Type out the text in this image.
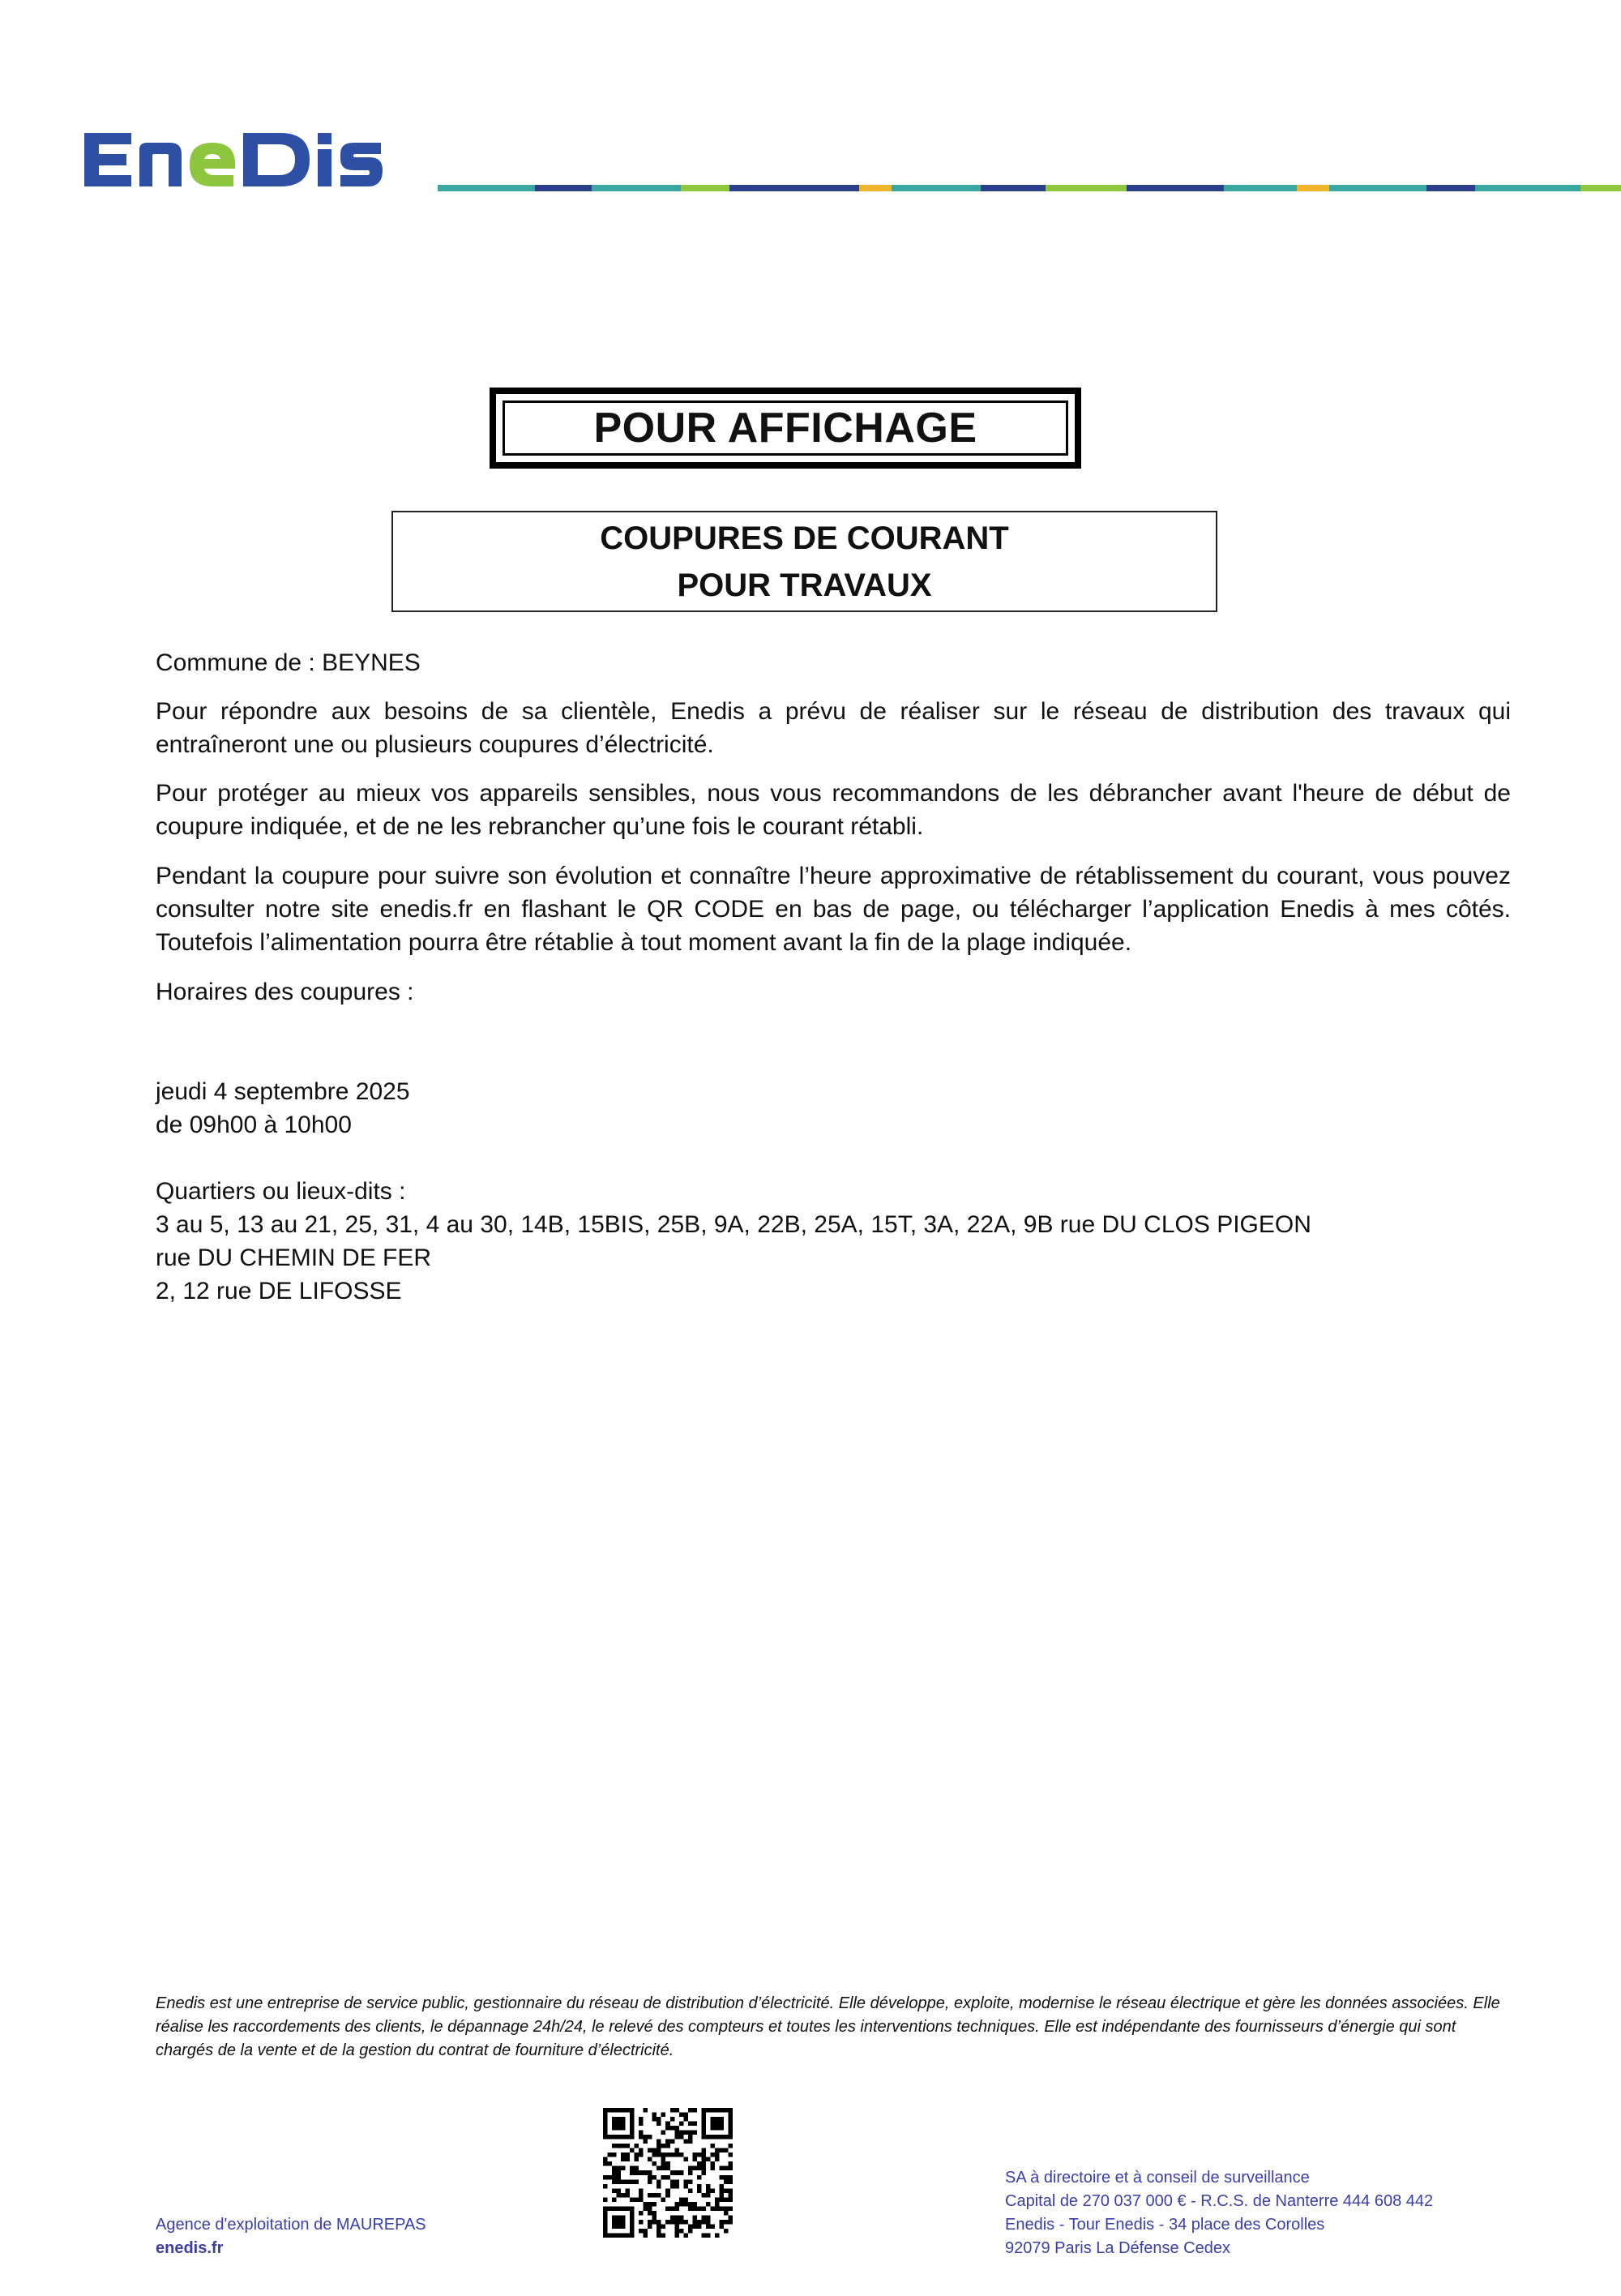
POUR AFFICHAGE
COUPURES DE COURANT
POUR TRAVAUX

Commune de : BEYNES

Pour répondre aux besoins de sa clientèle, Enedis a prévu de réaliser sur le réseau de distribution des travaux qui entraîneront une ou plusieurs coupures d’électricité.

Pour protéger au mieux vos appareils sensibles, nous vous recommandons de les débrancher avant l'heure de début de coupure indiquée, et de ne les rebrancher qu’une fois le courant rétabli.

Pendant la coupure pour suivre son évolution et connaître l’heure approximative de rétablissement du courant, vous pouvez consulter notre site enedis.fr en flashant le QR CODE en bas de page, ou télécharger l’application Enedis à mes côtés. Toutefois l’alimentation pourra être rétablie à tout moment avant la fin de la plage indiquée.

Horaires des coupures :

jeudi 4 septembre 2025

de 09h00 à 10h00

Quartiers ou lieux-dits :

3 au 5, 13 au 21, 25, 31, 4 au 30, 14B, 15BIS, 25B, 9A, 22B, 25A, 15T, 3A, 22A, 9B rue DU CLOS PIGEON

rue DU CHEMIN DE FER

2, 12 rue DE LIFOSSE

Enedis est une entreprise de service public, gestionnaire du réseau de distribution d’électricité. Elle développe, exploite, modernise le réseau électrique et gère les données associées. Elle réalise les raccordements des clients, le dépannage 24h/24, le relevé des compteurs et toutes les interventions techniques. Elle est indépendante des fournisseurs d’énergie qui sont chargés de la vente et de la gestion du contrat de fourniture d’électricité.

Agence d'exploitation de MAUREPAS
enedis.fr
SA à directoire et à conseil de surveillance
Capital de 270 037 000 € - R.C.S. de Nanterre 444 608 442
Enedis - Tour Enedis - 34 place des Corolles
92079 Paris La Défense Cedex
